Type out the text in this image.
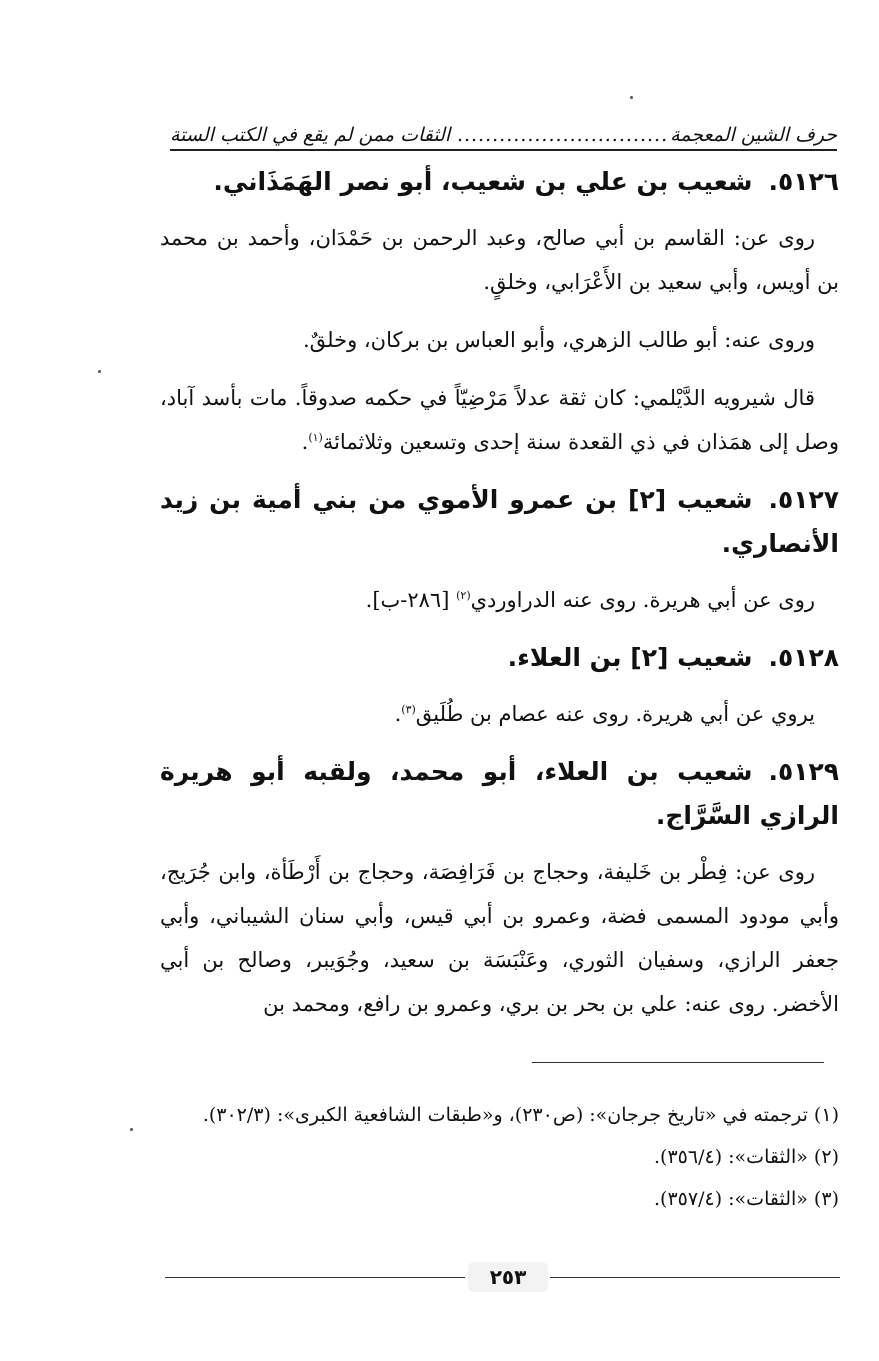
حرف الشين المعجمة
..............................
الثقات ممن لم يقع في الكتب الستة

٥١٢٦.شعيب بن علي بن شعيب، أبو نصر الهَمَذَاني.

روى عن: القاسم بن أبي صالح، وعبد الرحمن بن حَمْدَان، وأحمد بن محمد بن أويس، وأبي سعيد بن الأَعْرَابي، وخلقٍ.

وروى عنه: أبو طالب الزهري، وأبو العباس بن بركان، وخلقٌ.

قال شيرويه الدَّيْلمي: كان ثقة عدلاً مَرْضِيّاً في حكمه صدوقاً. مات بأسد آباد، وصل إلى همَذان في ذي القعدة سنة إحدى وتسعين وثلاثمائة$^{(١)}$.

٥١٢٧.شعيب [٢] بن عمرو الأموي من بني أمية بن زيد الأنصاري.

روى عن أبي هريرة. روى عنه الدراوردي$^{(٢)}$ [٢٨٦-ب].

٥١٢٨.شعيب [٢] بن العلاء.

يروي عن أبي هريرة. روى عنه عصام بن طُلَيق$^{(٣)}$.

٥١٢٩.شعيب بن العلاء، أبو محمد، ولقبه أبو هريرة الرازي السَّرَّاج.

روى عن: فِطْر بن خَليفة، وحجاج بن فَرَافِصَة، وحجاج بن أَرْطَأة، وابن جُرَيج، وأبي مودود المسمى فضة، وعمرو بن أبي قيس، وأبي سنان الشيباني، وأبي جعفر الرازي، وسفيان الثوري، وعَنْبَسَة بن سعيد، وجُوَيبر، وصالح بن أبي الأخضر. روى عنه: علي بن بحر بن بري، وعمرو بن رافع، ومحمد بن

(١) ترجمته في «تاريخ جرجان»: (ص٢٣٠)، و«طبقات الشافعية الكبرى»: (٣٠٢/٣).

(٢) «الثقات»: (٣٥٦/٤).

(٣) «الثقات»: (٣٥٧/٤).

٢٥٣
